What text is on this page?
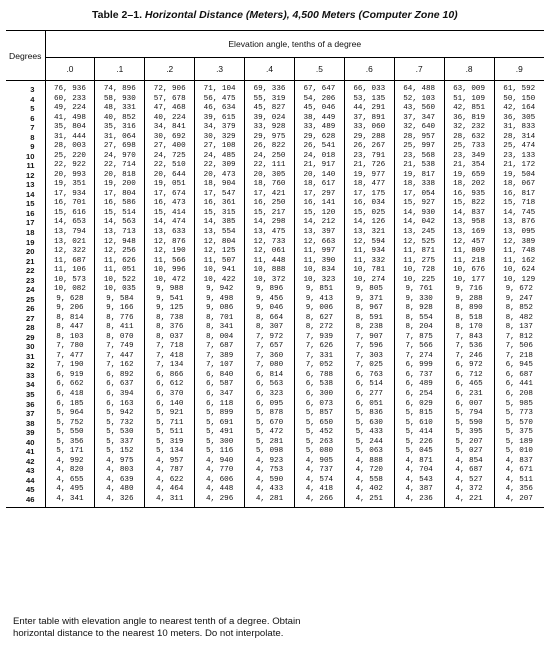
Table 2–1. Horizontal Distance (Meters), 4,500 Meters (Computer Zone 10)
Degrees	Elevation angle, tenths of a degree									
	.0	.1	.2	.3	.4	.5	.6	.7	.8	.9
3	76, 936	74, 896	72, 906	71, 104	69, 336	67, 647	66, 033	64, 488	63, 009	61, 592
4	60, 233	58, 930	57, 678	56, 475	55, 319	54, 206	53, 135	52, 103	51, 109	50, 150
5	49, 224	48, 331	47, 468	46, 634	45, 827	45, 046	44, 291	43, 560	42, 851	42, 164
6	41, 498	40, 852	40, 224	39, 615	39, 024	38, 449	37, 891	37, 347	36, 819	36, 305
7	35, 804	35, 316	34, 841	34, 379	33, 928	33, 489	33, 060	32, 640	32, 232	31, 833
8	31, 444	31, 064	30, 692	30, 329	29, 975	29, 628	29, 288	28, 957	28, 632	28, 314
9	28, 003	27, 698	27, 400	27, 108	26, 822	26, 541	26, 267	25, 997	25, 733	25, 474
10	25, 220	24, 970	24, 725	24, 485	24, 250	24, 018	23, 791	23, 568	23, 349	23, 133
11	22, 922	22, 714	22, 510	22, 309	22, 111	21, 917	21, 726	21, 538	21, 354	21, 172
12	20, 993	20, 818	20, 644	20, 473	20, 305	20, 140	19, 977	19, 817	19, 659	19, 504
13	19, 351	19, 200	19, 051	18, 904	18, 760	18, 617	18, 477	18, 338	18, 202	18, 067
14	17, 934	17, 804	17, 674	17, 547	17, 421	17, 297	17, 175	17, 054	16, 935	16, 817
15	16, 701	16, 586	16, 473	16, 361	16, 250	16, 141	16, 034	15, 927	15, 822	15, 718
16	15, 616	15, 514	15, 414	15, 315	15, 217	15, 120	15, 025	14, 930	14, 837	14, 745
17	14, 653	14, 563	14, 474	14, 385	14, 298	14, 212	14, 126	14, 042	13, 958	13, 876
18	13, 794	13, 713	13, 633	13, 554	13, 475	13, 397	13, 321	13, 245	13, 169	13, 095
19	13, 021	12, 948	12, 876	12, 804	12, 733	12, 663	12, 594	12, 525	12, 457	12, 389
20	12, 322	12, 256	12, 190	12, 125	12, 061	11, 997	11, 934	11, 871	11, 809	11, 748
21	11, 687	11, 626	11, 566	11, 507	11, 448	11, 390	11, 332	11, 275	11, 218	11, 162
22	11, 106	11, 051	10, 996	10, 941	10, 888	10, 834	10, 781	10, 728	10, 676	10, 624
23	10, 573	10, 522	10, 472	10, 422	10, 372	10, 323	10, 274	10, 225	10, 177	10, 129
24	10, 082	10, 035	9, 988	9, 942	9, 896	9, 851	9, 805	9, 761	9, 716	9, 672
25	9, 628	9, 584	9, 541	9, 498	9, 456	9, 413	9, 371	9, 330	9, 288	9, 247
26	9, 206	9, 166	9, 125	9, 086	9, 046	9, 006	8, 967	8, 928	8, 890	8, 852
27	8, 814	8, 776	8, 738	8, 701	8, 664	8, 627	8, 591	8, 554	8, 518	8, 482
28	8, 447	8, 411	8, 376	8, 341	8, 307	8, 272	8, 238	8, 204	8, 170	8, 137
29	8, 103	8, 070	8, 037	8, 004	7, 972	7, 939	7, 907	7, 875	7, 843	7, 812
30	7, 780	7, 749	7, 718	7, 687	7, 657	7, 626	7, 596	7, 566	7, 536	7, 506
31	7, 477	7, 447	7, 418	7, 389	7, 360	7, 331	7, 303	7, 274	7, 246	7, 218
32	7, 190	7, 162	7, 134	7, 107	7, 080	7, 052	7, 025	6, 999	6, 972	6, 945
33	6, 919	6, 892	6, 866	6, 840	6, 814	6, 788	6, 763	6, 737	6, 712	6, 687
34	6, 662	6, 637	6, 612	6, 587	6, 563	6, 538	6, 514	6, 489	6, 465	6, 441
35	6, 418	6, 394	6, 370	6, 347	6, 323	6, 300	6, 277	6, 254	6, 231	6, 208
36	6, 185	6, 163	6, 140	6, 118	6, 095	6, 073	6, 051	6, 029	6, 007	5, 985
37	5, 964	5, 942	5, 921	5, 899	5, 878	5, 857	5, 836	5, 815	5, 794	5, 773
38	5, 752	5, 732	5, 711	5, 691	5, 670	5, 650	5, 630	5, 610	5, 590	5, 570
39	5, 550	5, 530	5, 511	5, 491	5, 472	5, 452	5, 433	5, 414	5, 395	5, 375
40	5, 356	5, 337	5, 319	5, 300	5, 281	5, 263	5, 244	5, 226	5, 207	5, 189
41	5, 171	5, 152	5, 134	5, 116	5, 098	5, 080	5, 063	5, 045	5, 027	5, 010
42	4, 992	4, 975	4, 957	4, 940	4, 923	4, 905	4, 888	4, 871	4, 854	4, 837
43	4, 820	4, 803	4, 787	4, 770	4, 753	4, 737	4, 720	4, 704	4, 687	4, 671
44	4, 655	4, 639	4, 622	4, 606	4, 590	4, 574	4, 558	4, 543	4, 527	4, 511
45	4, 495	4, 480	4, 464	4, 448	4, 433	4, 418	4, 402	4, 387	4, 372	4, 356
46	4, 341	4, 326	4, 311	4, 296	4, 281	4, 266	4, 251	4, 236	4, 221	4, 207
Enter table with elevation angle to nearest tenth of a degree. Obtain horizontal distance to the nearest 10 meters. Do not interpolate.
